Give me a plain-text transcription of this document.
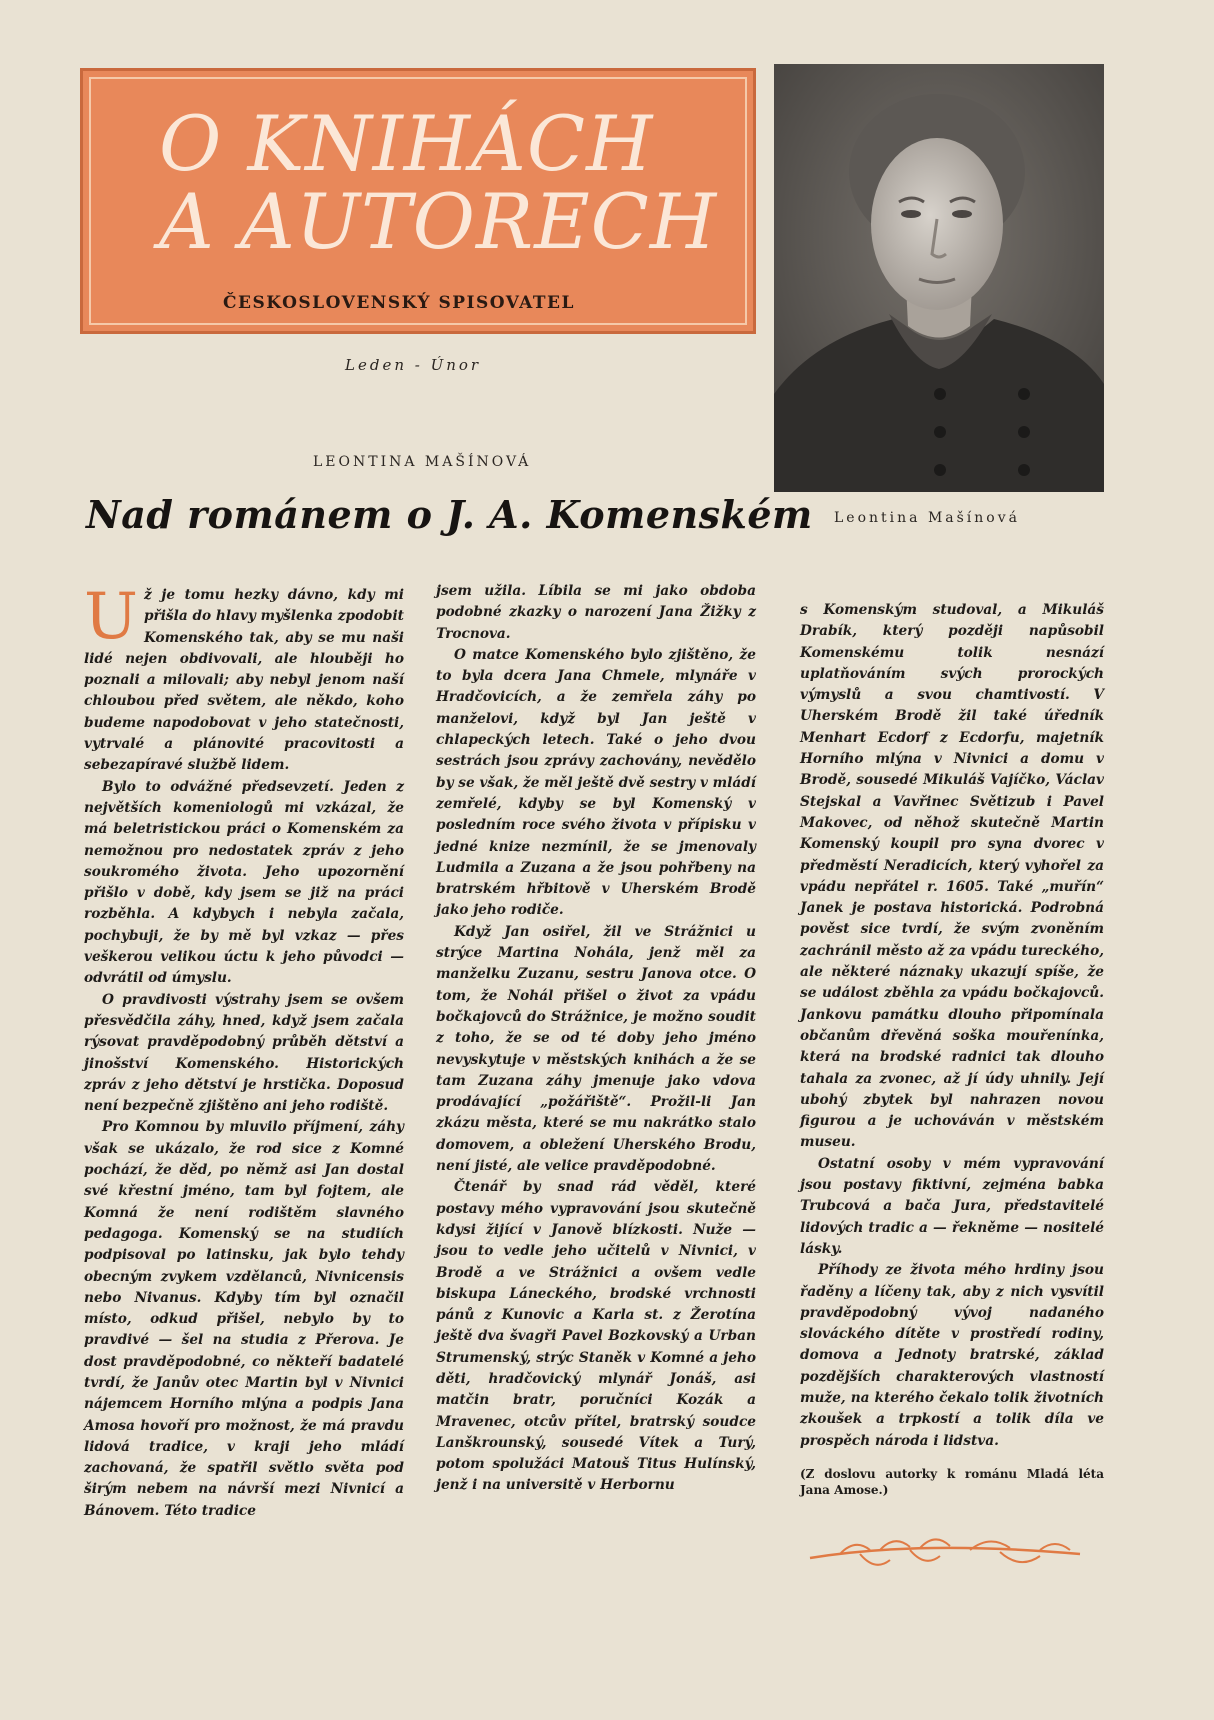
O KNIHÁCH
A AUTORECH
ČESKOSLOVENSKÝ SPISOVATEL
Leden - Únor
LEONTINA MAŠÍNOVÁ
Nad románem o J. A. Komenském Leontina Mašínová

Už je tomu hezky dávno, kdy mi přišla do hlavy myšlenka zpodobit Komenského tak, aby se mu naši lidé nejen obdivovali, ale hlouběji ho poznali a milovali; aby nebyl jenom naší chloubou před světem, ale někdo, koho budeme napodobovat v jeho statečnosti, vytrvalé a plánovité pracovitosti a sebezapíravé službě lidem.

Bylo to odvážné předsevzetí. Jeden z největších komeniologů mi vzkázal, že má beletristickou práci o Komenském za nemožnou pro nedostatek zpráv z jeho soukromého života. Jeho upozornění přišlo v době, kdy jsem se již na práci rozběhla. A kdybych i nebyla začala, pochybuji, že by mě byl vzkaz — přes veškerou velikou úctu k jeho původci — odvrátil od úmyslu.

O pravdivosti výstrahy jsem se ovšem přesvědčila záhy, hned, když jsem začala rýsovat pravděpodobný průběh dětství a jinošství Komenského. Historických zpráv z jeho dětství je hrstička. Doposud není bezpečně zjištěno ani jeho rodiště.

Pro Komnou by mluvilo příjmení, záhy však se ukázalo, že rod sice z Komné pochází, že děd, po němž asi Jan dostal své křestní jméno, tam byl fojtem, ale Komná že není rodištěm slavného pedagoga. Komenský se na studiích podpisoval po latinsku, jak bylo tehdy obecným zvykem vzdělanců, Nivnicensis nebo Nivanus. Kdyby tím byl označil místo, odkud přišel, nebylo by to pravdivé — šel na studia z Přerova. Je dost pravděpodobné, co někteří badatelé tvrdí, že Janův otec Martin byl v Nivnici nájemcem Horního mlýna a podpis Jana Amosa hovoří pro možnost, že má pravdu lidová tradice, v kraji jeho mládí zachovaná, že spatřil světlo světa pod širým nebem na návrší mezi Nivnicí a Bánovem. Této tradice

jsem užila. Líbila se mi jako obdoba podobné zkazky o narození Jana Žižky z Trocnova.

O matce Komenského bylo zjištěno, že to byla dcera Jana Chmele, mlynáře v Hradčovicích, a že zemřela záhy po manželovi, když byl Jan ještě v chlapeckých letech. Také o jeho dvou sestrách jsou zprávy zachovány, nevědělo by se však, že měl ještě dvě sestry v mládí zemřelé, kdyby se byl Komenský v posledním roce svého života v přípisku v jedné knize nezmínil, že se jmenovaly Ludmila a Zuzana a že jsou pohřbeny na bratrském hřbitově v Uherském Brodě jako jeho rodiče.

Když Jan osiřel, žil ve Strážnici u strýce Martina Nohála, jenž měl za manželku Zuzanu, sestru Janova otce. O tom, že Nohál přišel o život za vpádu bočkajovců do Strážnice, je možno soudit z toho, že se od té doby jeho jméno nevyskytuje v městských knihách a že se tam Zuzana záhy jmenuje jako vdova prodávající „požářiště“. Prožil-li Jan zkázu města, které se mu nakrátko stalo domovem, a obležení Uherského Brodu, není jisté, ale velice pravděpodobné.

Čtenář by snad rád věděl, které postavy mého vypravování jsou skutečně kdysi žijící v Janově blízkosti. Nuže — jsou to vedle jeho učitelů v Nivnici, v Brodě a ve Strážnici a ovšem vedle biskupa Láneckého, brodské vrchnosti pánů z Kunovic a Karla st. z Žerotína ještě dva švagři Pavel Bozkovský a Urban Strumenský, strýc Staněk v Komné a jeho děti, hradčovický mlynář Jonáš, asi matčin bratr, poručníci Kozák a Mravenec, otcův přítel, bratrský soudce Lanškrounský, sousedé Vítek a Turý, potom spolužáci Matouš Titus Hulínský, jenž i na universitě v Herbornu

s Komenským studoval, a Mikuláš Drabík, který později napůsobil Komenskému tolik nesnází uplatňováním svých prorockých výmyslů a svou chamtivostí. V Uherském Brodě žil také úředník Menhart Ecdorf z Ecdorfu, majetník Horního mlýna v Nivnici a domu v Brodě, sousedé Mikuláš Vajíčko, Václav Stejskal a Vavřinec Světizub i Pavel Makovec, od něhož skutečně Martin Komenský koupil pro syna dvorec v předměstí Neradicích, který vyhořel za vpádu nepřátel r. 1605. Také „muřín“ Janek je postava historická. Podrobná pověst sice tvrdí, že svým zvoněním zachránil město až za vpádu tureckého, ale některé náznaky ukazují spíše, že se událost zběhla za vpádu bočkajovců. Jankovu památku dlouho připomínala občanům dřevěná soška mouřenínka, která na brodské radnici tak dlouho tahala za zvonec, až jí údy uhnily. Její ubohý zbytek byl nahrazen novou figurou a je uchováván v městském museu.

Ostatní osoby v mém vypravování jsou postavy fiktivní, zejména babka Trubcová a bača Jura, představitelé lidových tradic a — řekněme — nositelé lásky.

Příhody ze života mého hrdiny jsou řaděny a líčeny tak, aby z nich vysvítil pravděpodobný vývoj nadaného slováckého dítěte v prostředí rodiny, domova a Jednoty bratrské, základ pozdějších charakterových vlastností muže, na kterého čekalo tolik životních zkoušek a trpkostí a tolik díla ve prospěch národa i lidstva.

(Z doslovu autorky k románu Mladá léta Jana Amose.)
